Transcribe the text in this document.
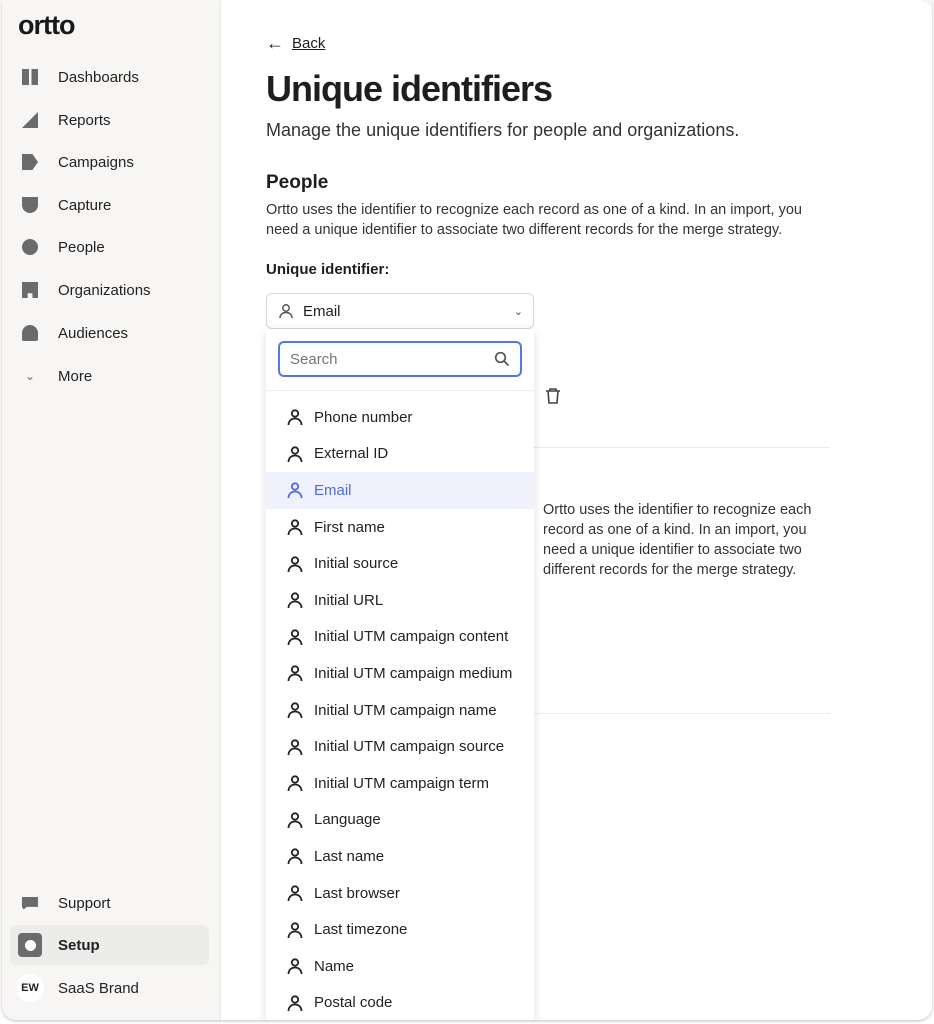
ortto
Dashboards
Reports
Campaigns
Capture
People
Organizations
Audiences
⌄ More
Support
Setup
EW	SaaS Brand
← Back
Unique identifiers
Manage the unique identifiers for people and organizations.
People
Ortto uses the identifier to recognize each record as one of a kind. In an import, you need a unique identifier to associate two different records for the merge strategy.
Unique identifier:
Email	⌄
Ortto uses the identifier to recognize each record as one of a kind. In an import, you need a unique identifier to associate two different records for the merge strategy.
Search
Phone number
External ID
Email
First name
Initial source
Initial URL
Initial UTM campaign content
Initial UTM campaign medium
Initial UTM campaign name
Initial UTM campaign source
Initial UTM campaign term
Language
Last name
Last browser
Last timezone
Name
Postal code
